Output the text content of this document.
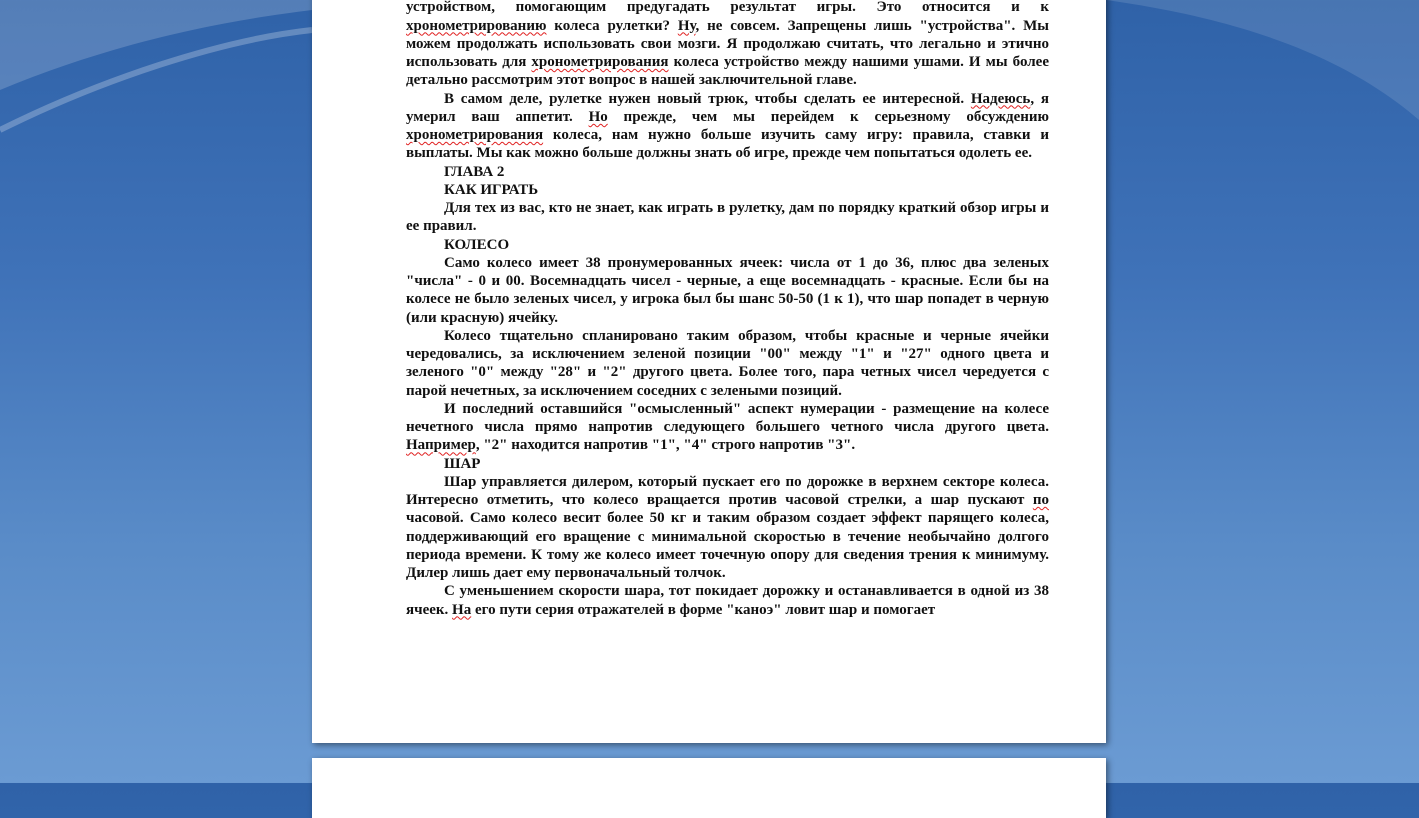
устройством, помогающим предугадать результат игры. Это относится и к хронометрированию колеса рулетки? Ну, не совсем. Запрещены лишь "устройства". Мы можем продолжать использовать свои мозги. Я продолжаю считать, что легально и этично использовать для хронометрирования колеса устройство между нашими ушами. И мы более детально рассмотрим этот вопрос в нашей заключительной главе.

В самом деле, рулетке нужен новый трюк, чтобы сделать ее интересной. Надеюсь, я умерил ваш аппетит. Но прежде, чем мы перейдем к серьезному обсуждению хронометрирования колеса, нам нужно больше изучить саму игру: правила, ставки и выплаты. Мы как можно больше должны знать об игре, прежде чем попытаться одолеть ее.

ГЛАВА 2

КАК ИГРАТЬ

Для тех из вас, кто не знает, как играть в рулетку, дам по порядку краткий обзор игры и ее правил.

КОЛЕСО

Само колесо имеет 38 пронумерованных ячеек: числа от 1 до 36, плюс два зеленых "числа" - 0 и 00. Восемнадцать чисел - черные, а еще восемнадцать - красные. Если бы на колесе не было зеленых чисел, у игрока был бы шанс 50-50 (1 к 1), что шар попадет в черную (или красную) ячейку.

Колесо тщательно спланировано таким образом, чтобы красные и черные ячейки чередовались, за исключением зеленой позиции "00" между "1" и "27" одного цвета и зеленого "0" между "28" и "2" другого цвета. Более того, пара четных чисел чередуется с парой нечетных, за исключением соседних с зелеными позиций.

И последний оставшийся "осмысленный" аспект нумерации - размещение на колесе нечетного числа прямо напротив следующего большего четного числа другого цвета. Например, "2" находится напротив "1", "4" строго напротив "3".

ШАР

Шар управляется дилером, который пускает его по дорожке в верхнем секторе колеса. Интересно отметить, что колесо вращается против часовой стрелки, а шар пускают по часовой. Само колесо весит более 50 кг и таким образом создает эффект парящего колеса, поддерживающий его вращение с минимальной скоростью в течение необычайно долгого периода времени. К тому же колесо имеет точечную опору для сведения трения к минимуму. Дилер лишь дает ему первоначальный толчок.

С уменьшением скорости шара, тот покидает дорожку и останавливается в одной из 38 ячеек. На его пути серия отражателей в форме "каноэ" ловит шар и помогает
